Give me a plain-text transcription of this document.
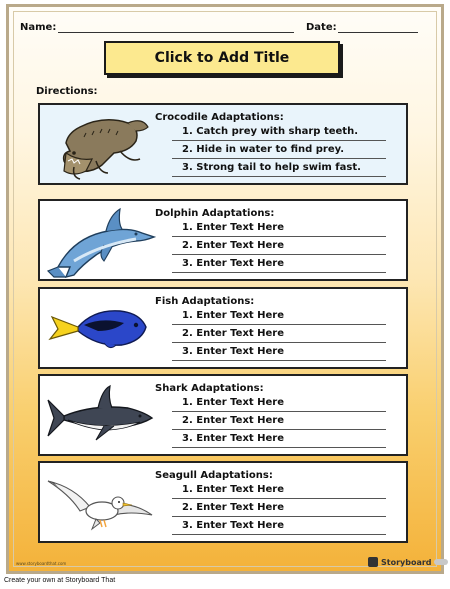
Name:	Date:
Click to Add Title
Directions:
Crocodile Adaptations:
1. Catch prey with sharp teeth.
2. Hide in water to find prey.
3. Strong tail to help swim fast.
Dolphin Adaptations:
1. Enter Text Here
2. Enter Text Here
3. Enter Text Here
Fish Adaptations:
1. Enter Text Here
2. Enter Text Here
3. Enter Text Here
Shark Adaptations:
1. Enter Text Here
2. Enter Text Here
3. Enter Text Here
Seagull Adaptations:
1. Enter Text Here
2. Enter Text Here
3. Enter Text Here
www.storyboardthat.com	Storyboard
Create your own at Storyboard That
